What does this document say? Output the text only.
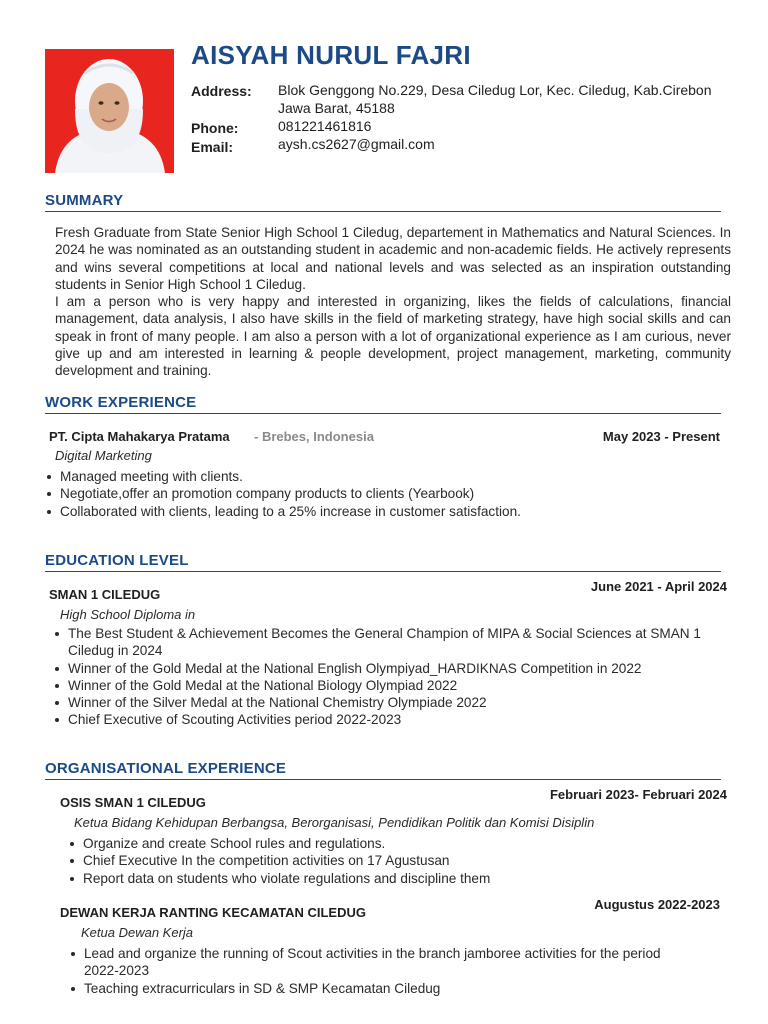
AISYAH NURUL FAJRI
Address: Blok Genggong No.229, Desa Ciledug Lor, Kec. Ciledug, Kab.Cirebon
Jawa Barat, 45188
Phone:	081221461816
Email:	aysh.cs2627@gmail.com
SUMMARY

Fresh Graduate from State Senior High School 1 Ciledug, departement in Mathematics and Natural Sciences. In 2024 he was nominated as an outstanding student in academic and non-academic fields. He actively represents and wins several competitions at local and national levels and was selected as an inspiration outstanding students in Senior High School 1 Ciledug.

I am a person who is very happy and interested in organizing, likes the fields of calculations, financial management, data analysis, I also have skills in the field of marketing strategy, have high social skills and can speak in front of many people. I am also a person with a lot of organizational experience as I am curious, never give up and am interested in learning & people development, project management, marketing, community development and training.

WORK EXPERIENCE
PT. Cipta Mahakarya Pratama - Brebes, Indonesia	May 2023 - Present
Digital Marketing
Managed meeting with clients.
Negotiate,offer an promotion company products to clients (Yearbook)
Collaborated with clients, leading to a 25% increase in customer satisfaction.
EDUCATION LEVEL
SMAN 1 CILEDUG
June 2021 - April 2024
High School Diploma in
The Best Student & Achievement Becomes the General Champion of MIPA & Social Sciences at SMAN 1 Ciledug in 2024
Winner of the Gold Medal at the National English Olympiyad_HARDIKNAS Competition in 2022
Winner of the Gold Medal at the National Biology Olympiad 2022
Winner of the Silver Medal at the National Chemistry Olympiade 2022
Chief Executive of Scouting Activities period 2022-2023
ORGANISATIONAL EXPERIENCE
OSIS SMAN 1 CILEDUG
Februari 2023- Februari 2024
Ketua Bidang Kehidupan Berbangsa, Berorganisasi, Pendidikan Politik dan Komisi Disiplin
Organize and create School rules and regulations.
Chief Executive In the competition activities on 17 Agustusan
Report data on students who violate regulations and discipline them
DEWAN KERJA RANTING KECAMATAN CILEDUG
Augustus 2022-2023
Ketua Dewan Kerja
Lead and organize the running of Scout activities in the branch jamboree activities for the period 2022-2023
Teaching extracurriculars in SD & SMP Kecamatan Ciledug
